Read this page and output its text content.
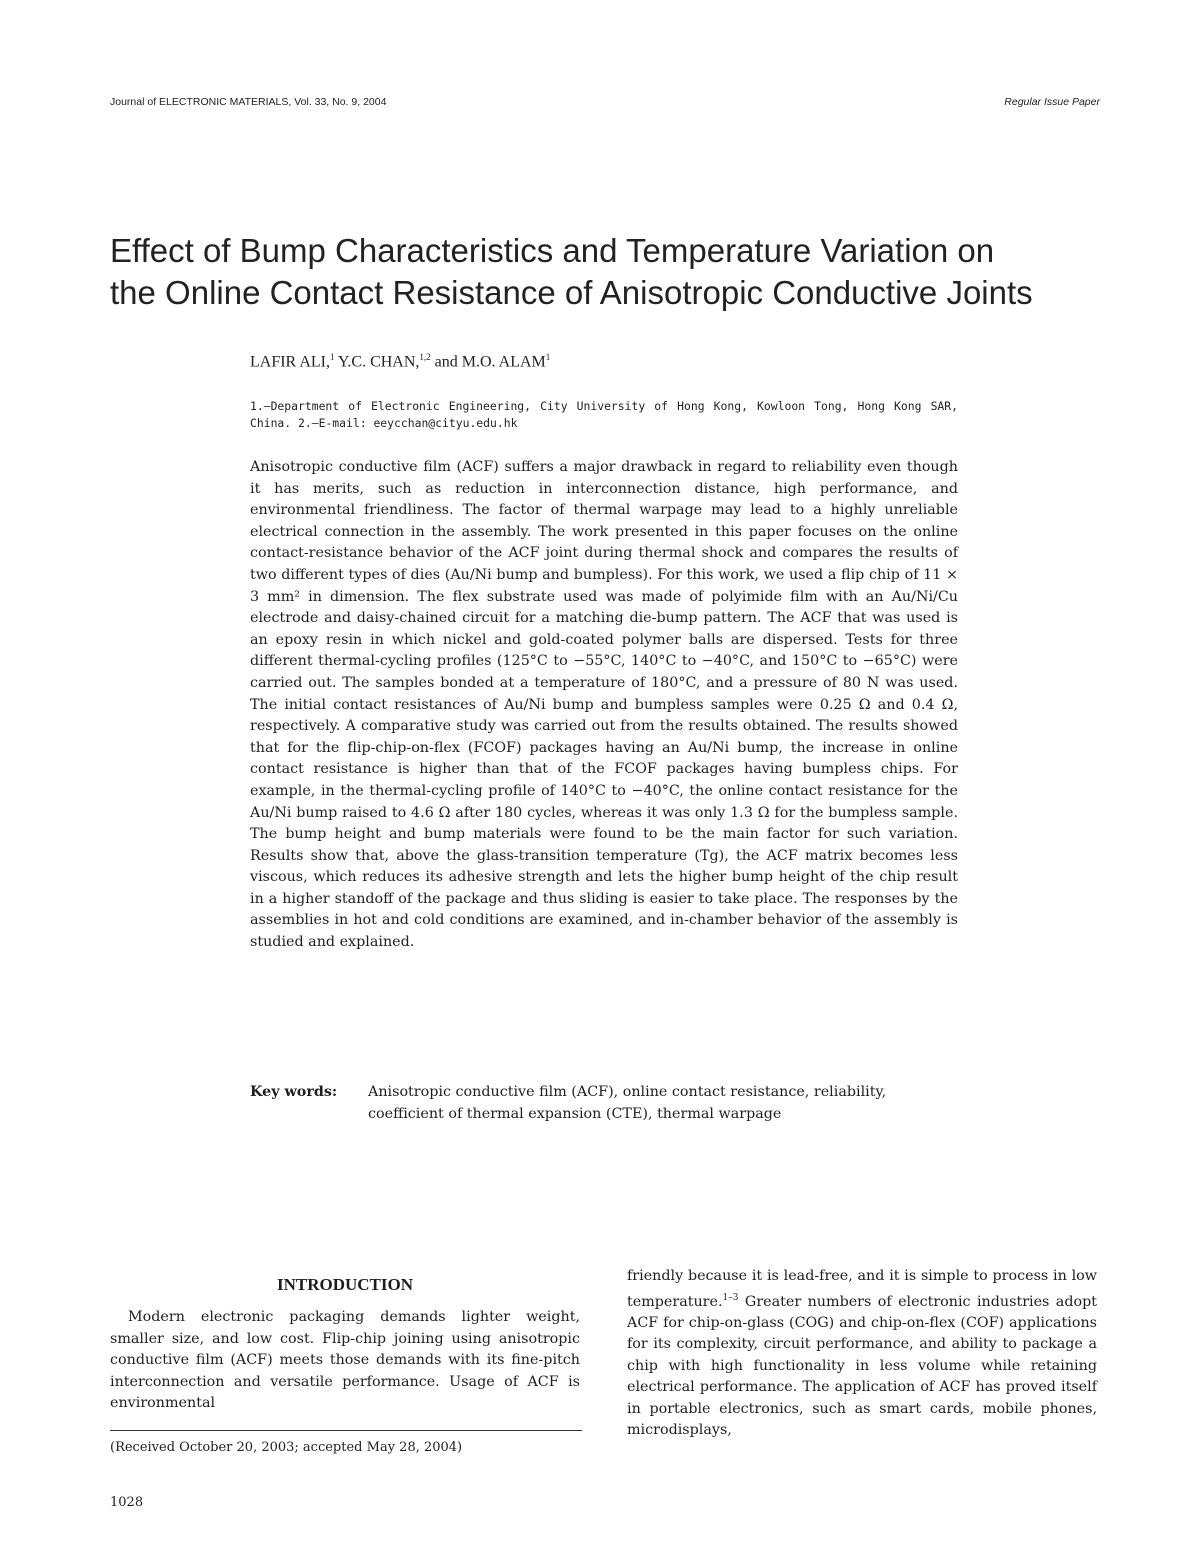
Journal of ELECTRONIC MATERIALS, Vol. 33, No. 9, 2004	Regular Issue Paper
Effect of Bump Characteristics and Temperature Variation on
the Online Contact Resistance of Anisotropic Conductive Joints
LAFIR ALI,$^1$ Y.C. CHAN,$^{1,2}$ and M.O. ALAM$^1$

1.—Department of Electronic Engineering, City University of Hong Kong, Kowloon Tong, Hong Kong SAR, China. 2.—E-mail: eeycchan@cityu.edu.hk

Anisotropic conductive film (ACF) suffers a major drawback in regard to reliability even though it has merits, such as reduction in interconnection distance, high performance, and environmental friendliness. The factor of thermal warpage may lead to a highly unreliable electrical connection in the assembly. The work presented in this paper focuses on the online contact-resistance behavior of the ACF joint during thermal shock and compares the results of two different types of dies (Au/Ni bump and bumpless). For this work, we used a flip chip of 11 × 3 mm² in dimension. The flex substrate used was made of polyimide film with an Au/Ni/Cu electrode and daisy-chained circuit for a matching die-bump pattern. The ACF that was used is an epoxy resin in which nickel and gold-coated polymer balls are dispersed. Tests for three different thermal-cycling profiles (125°C to −55°C, 140°C to −40°C, and 150°C to −65°C) were carried out. The samples bonded at a temperature of 180°C, and a pressure of 80 N was used. The initial contact resistances of Au/Ni bump and bumpless samples were 0.25 Ω and 0.4 Ω, respectively. A comparative study was carried out from the results obtained. The results showed that for the flip-chip-on-flex (FCOF) packages having an Au/Ni bump, the increase in online contact resistance is higher than that of the FCOF packages having bumpless chips. For example, in the thermal-cycling profile of 140°C to −40°C, the online contact resistance for the Au/Ni bump raised to 4.6 Ω after 180 cycles, whereas it was only 1.3 Ω for the bumpless sample. The bump height and bump materials were found to be the main factor for such variation. Results show that, above the glass-transition temperature (Tg), the ACF matrix becomes less viscous, which reduces its adhesive strength and lets the higher bump height of the chip result in a higher standoff of the package and thus sliding is easier to take place. The responses by the assemblies in hot and cold conditions are examined, and in-chamber behavior of the assembly is studied and explained.

Key words: Anisotropic conductive film (ACF), online contact resistance, reliability, coefficient of thermal expansion (CTE), thermal warpage

INTRODUCTION

Modern electronic packaging demands lighter weight, smaller size, and low cost. Flip-chip joining using anisotropic conductive film (ACF) meets those demands with its fine-pitch interconnection and versatile performance. Usage of ACF is environmental

friendly because it is lead-free, and it is simple to process in low temperature.$^{1-3}$ Greater numbers of electronic industries adopt ACF for chip-on-glass (COG) and chip-on-flex (COF) applications for its complexity, circuit performance, and ability to package a chip with high functionality in less volume while retaining electrical performance. The application of ACF has proved itself in portable electronics, such as smart cards, mobile phones, microdisplays,

(Received October 20, 2003; accepted May 28, 2004)
1028
